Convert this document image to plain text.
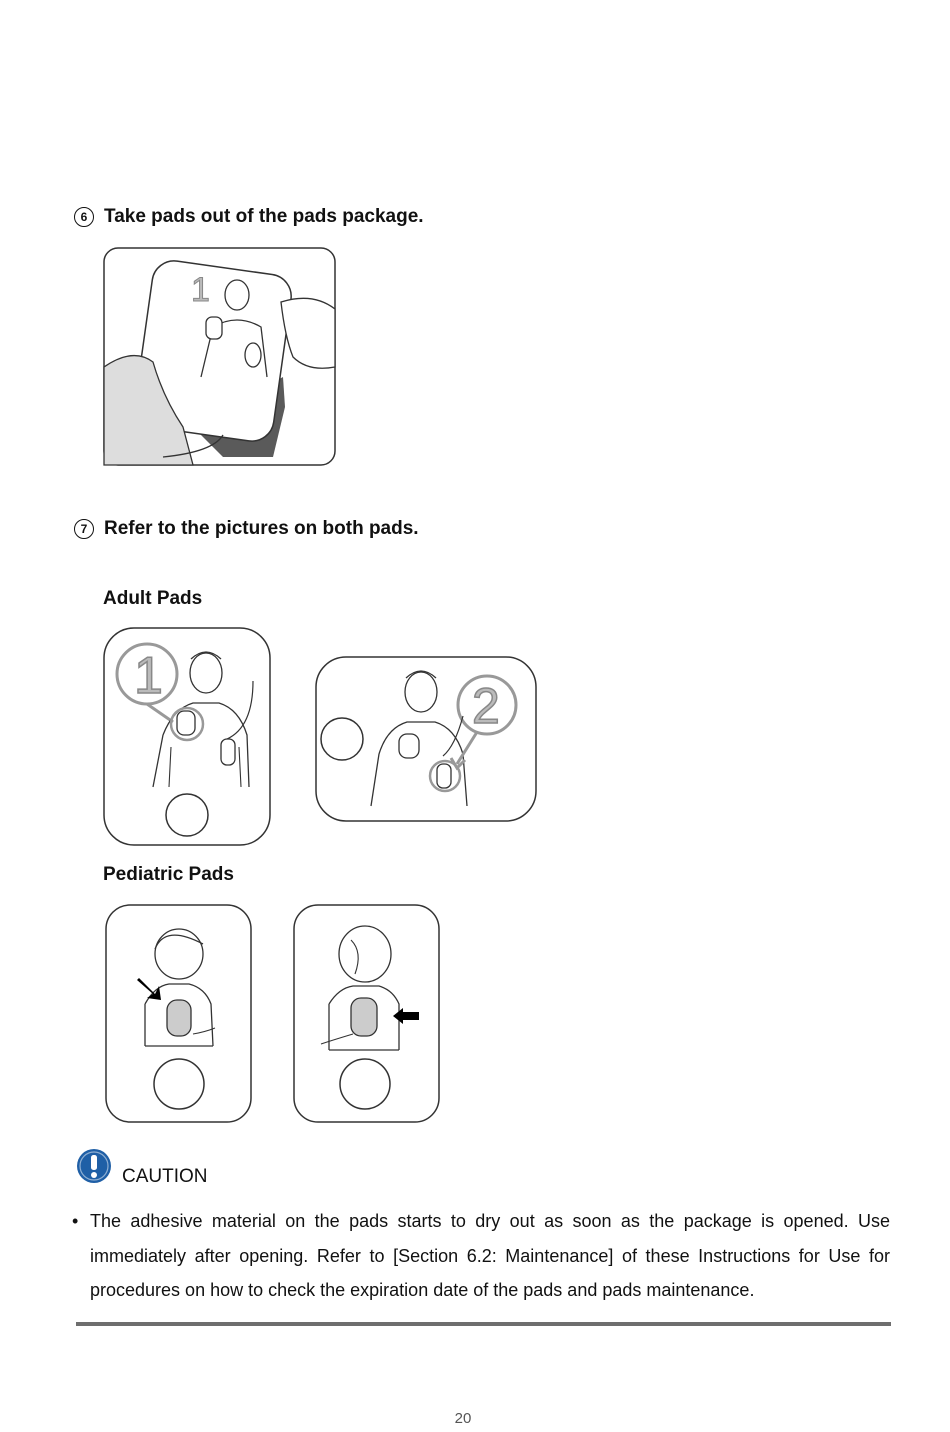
6 Take pads out of the pads package.
1
7 Refer to the pictures on both pads.
Adult Pads
1
2
Pediatric Pads
CAUTION
• The adhesive material on the pads starts to dry out as soon as the package is opened. Use immediately after opening. Refer to [Section 6.2: Maintenance] of these Instructions for Use for procedures on how to check the expiration date of the pads and pads maintenance.
20
